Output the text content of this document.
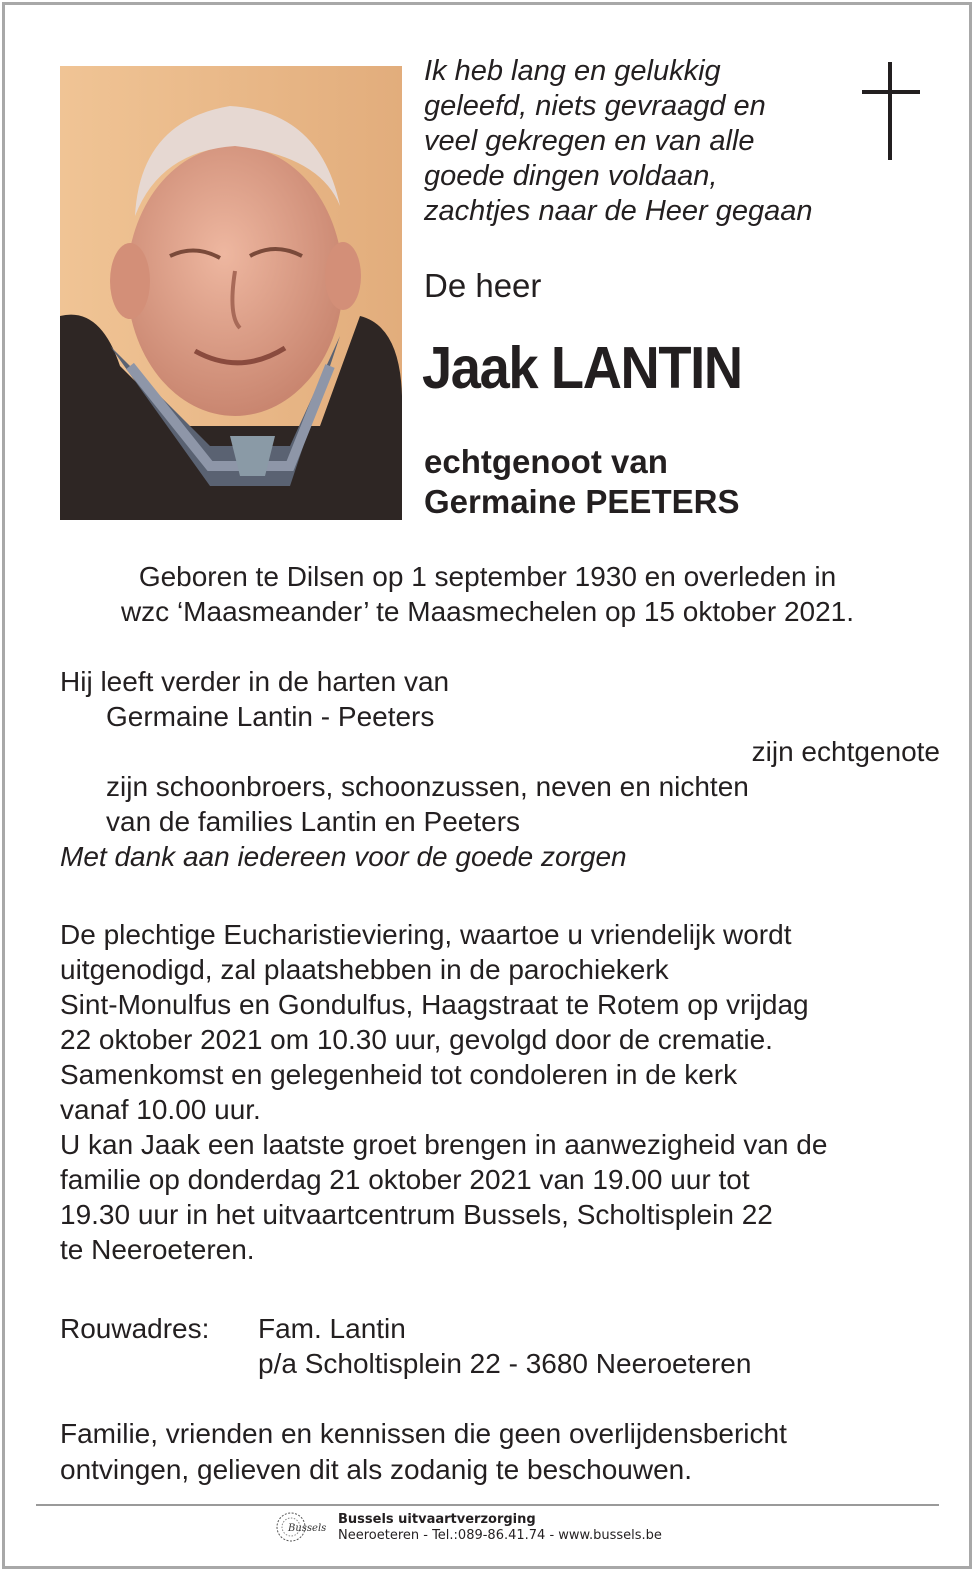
Ik heb lang en gelukkig
geleefd, niets gevraagd en
veel gekregen en van alle
goede dingen voldaan,
zachtjes naar de Heer gegaan
De heer
Jaak LANTIN
echtgenoot van
Germaine PEETERS
Geboren te Dilsen op 1 september 1930 en overleden in
wzc ‘Maasmeander’ te Maasmechelen op 15 oktober 2021.
Hij leeft verder in de harten van
Germaine Lantin - Peeters
zijn echtgenote
zijn schoonbroers, schoonzussen, neven en nichten
van de families Lantin en Peeters
Met dank aan iedereen voor de goede zorgen
De plechtige Eucharistieviering, waartoe u vriendelijk wordt
uitgenodigd, zal plaatshebben in de parochiekerk
Sint-Monulfus en Gondulfus, Haagstraat te Rotem op vrijdag
22 oktober 2021 om 10.30 uur, gevolgd door de crematie.
Samenkomst en gelegenheid tot condoleren in de kerk
vanaf 10.00 uur.
U kan Jaak een laatste groet brengen in aanwezigheid van de
familie op donderdag 21 oktober 2021 van 19.00 uur tot
19.30 uur in het uitvaartcentrum Bussels, Scholtisplein 22
te Neeroeteren.
Rouwadres:	Fam. Lantin
p/a Scholtisplein 22 - 3680 Neeroeteren
Familie, vrienden en kennissen die geen overlijdensbericht
ontvingen, gelieven dit als zodanig te beschouwen.
Bussels
Bussels uitvaartverzorging
Neeroeteren - Tel.:089-86.41.74 - www.bussels.be
